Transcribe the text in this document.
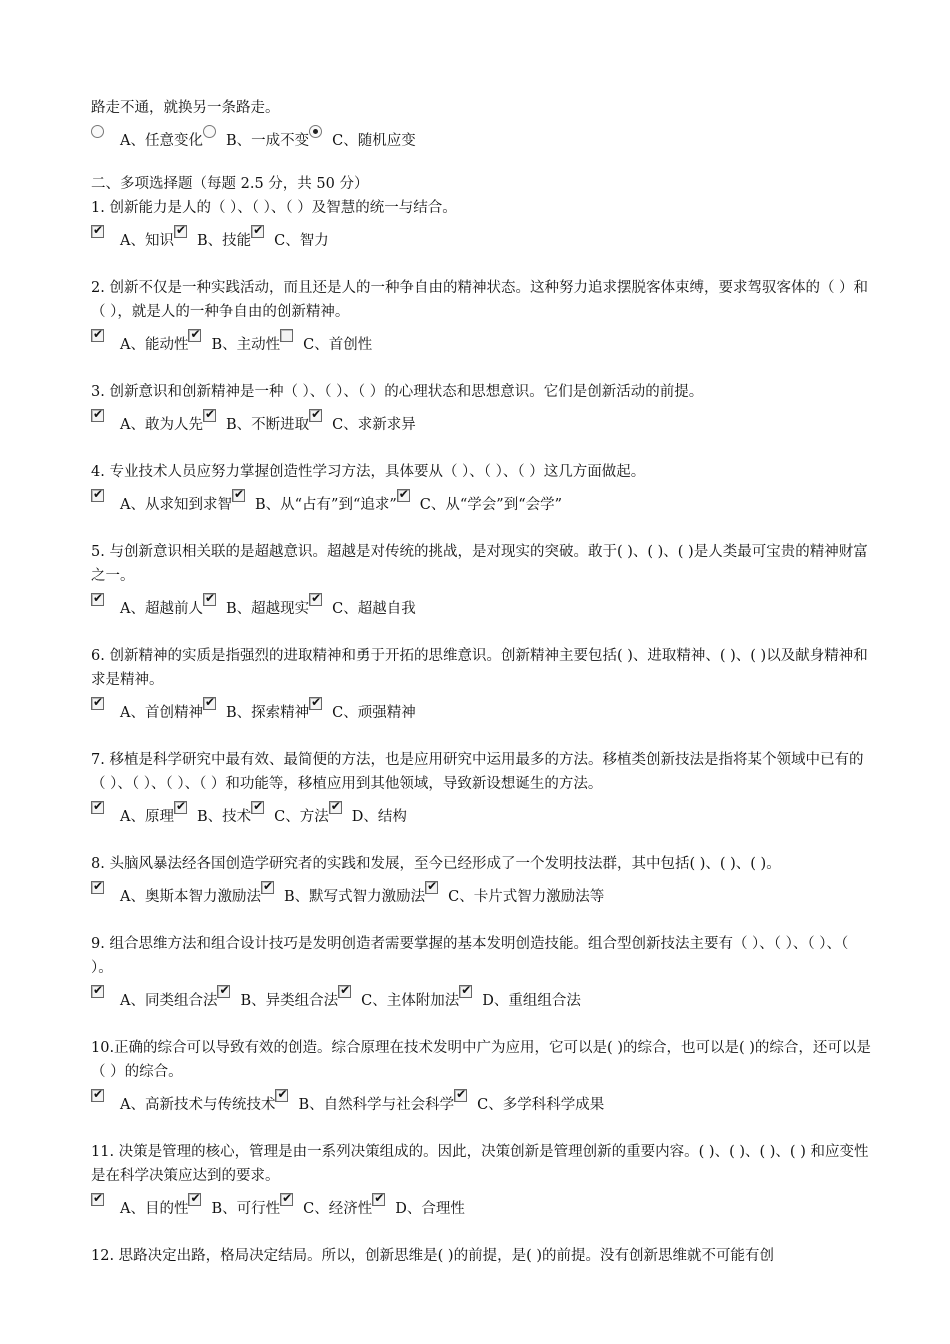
路走不通，就换另一条路走。
A、任意变化 B、一成不变 C、随机应变
二、多项选择题（每题 2.5 分，共 50 分）

1. 创新能力是人的（ ）、（ ）、（ ）及智慧的统一与结合。

✔
A、知识
✔
B、技能
✔
C、智力

2. 创新不仅是一种实践活动，而且还是人的一种争自由的精神状态。这种努力追求摆脱客体束缚，要求驾驭客体的（ ）和（ ），就是人的一种争自由的创新精神。

✔
A、能动性
✔
B、主动性 C、首创性

3. 创新意识和创新精神是一种（ ）、（ ）、（ ）的心理状态和思想意识。它们是创新活动的前提。

✔
A、敢为人先
✔
B、不断进取
✔
C、求新求异

4. 专业技术人员应努力掌握创造性学习方法，具体要从（ ）、（ ）、（ ）这几方面做起。

✔
A、从求知到求智
✔
B、从“占有”到“追求”
✔
C、从“学会”到“会学”

5. 与创新意识相关联的是超越意识。超越是对传统的挑战，是对现实的突破。敢于( )、( )、( )是人类最可宝贵的精神财富之一。

✔
A、超越前人
✔
B、超越现实
✔
C、超越自我

6. 创新精神的实质是指强烈的进取精神和勇于开拓的思维意识。创新精神主要包括( )、进取精神、( )、( )以及献身精神和求是精神。

✔
A、首创精神
✔
B、探索精神
✔
C、顽强精神

7. 移植是科学研究中最有效、最简便的方法，也是应用研究中运用最多的方法。移植类创新技法是指将某个领域中已有的（ ）、（ ）、（ ）、（ ）和功能等，移植应用到其他领域，导致新设想诞生的方法。

✔
A、原理
✔
B、技术
✔
C、方法
✔
D、结构

8. 头脑风暴法经各国创造学研究者的实践和发展，至今已经形成了一个发明技法群，其中包括( )、( )、( )。

✔
A、奥斯本智力激励法
✔
B、默写式智力激励法
✔
C、卡片式智力激励法等

9. 组合思维方法和组合设计技巧是发明创造者需要掌握的基本发明创造技能。组合型创新技法主要有（ ）、（ ）、（ ）、（ ）。

✔
A、同类组合法
✔
B、异类组合法
✔
C、主体附加法
✔
D、重组组合法

10.正确的综合可以导致有效的创造。综合原理在技术发明中广为应用，它可以是( )的综合，也可以是( )的综合，还可以是（ ）的综合。

✔
A、高新技术与传统技术
✔
B、自然科学与社会科学
✔
C、多学科科学成果

11. 决策是管理的核心，管理是由一系列决策组成的。因此，决策创新是管理创新的重要内容。( )、( )、( )、( ) 和应变性是在科学决策应达到的要求。

✔
A、目的性
✔
B、可行性
✔
C、经济性
✔
D、合理性

12. 思路决定出路，格局决定结局。所以，创新思维是( )的前提，是( )的前提。没有创新思维就不可能有创
